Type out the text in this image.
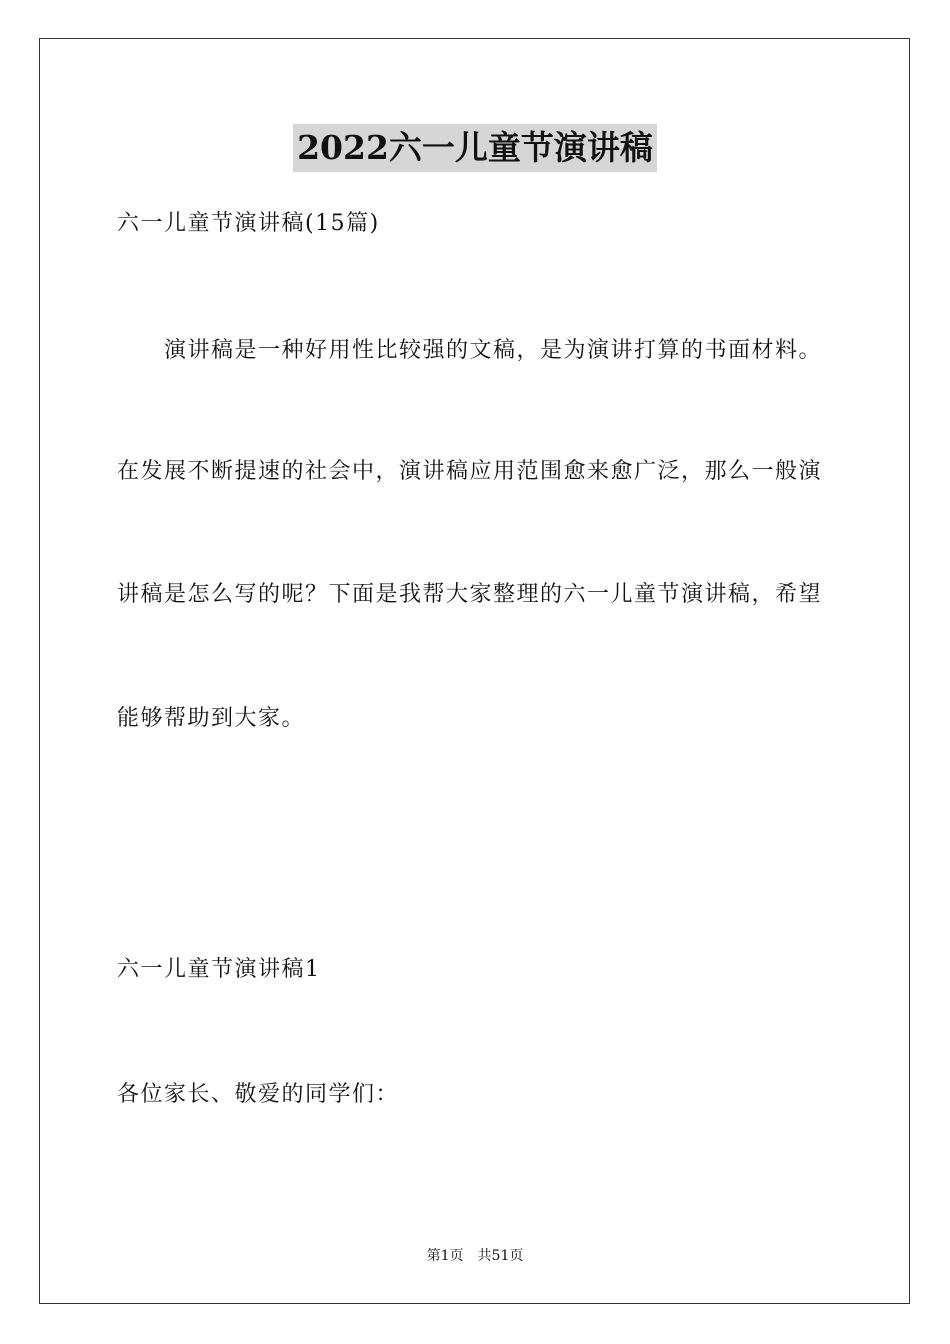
2022六一儿童节演讲稿
六一儿童节演讲稿(15篇)
演讲稿是一种好用性比较强的文稿，是为演讲打算的书面材料。
在发展不断提速的社会中，演讲稿应用范围愈来愈广泛，那么一般演
讲稿是怎么写的呢？下面是我帮大家整理的六一儿童节演讲稿，希望
能够帮助到大家。
六一儿童节演讲稿1
各位家长、敬爱的同学们：
第1页 共51页
